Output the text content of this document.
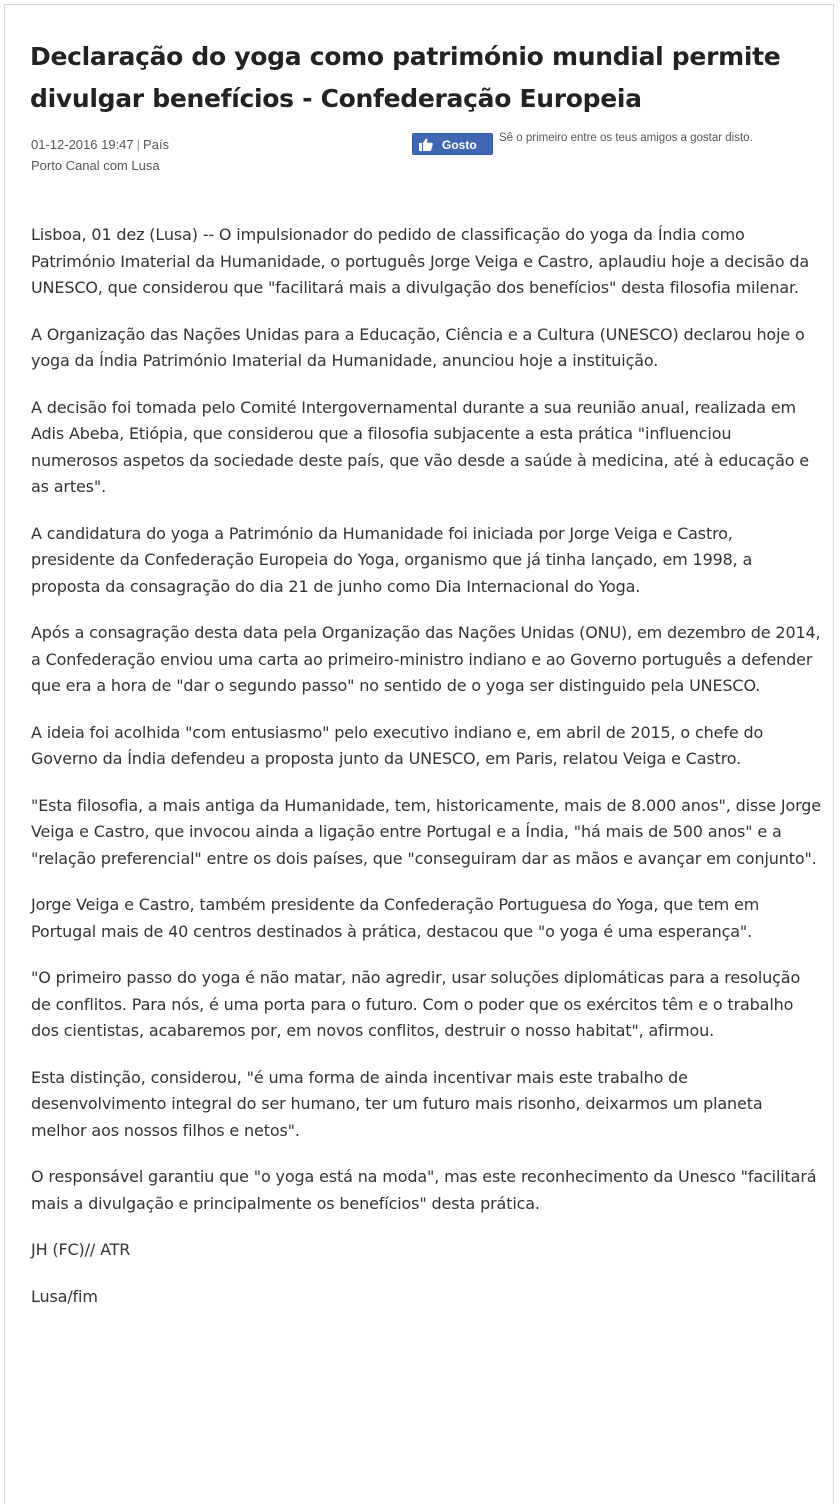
Declaração do yoga como património mundial permite divulgar benefícios - Confederação Europeia
01-12-2016 19:47 | País
Porto Canal com Lusa
Gosto Sê o primeiro entre os teus amigos a gostar disto.

Lisboa, 01 dez (Lusa) -- O impulsionador do pedido de classificação do yoga da Índia como Património Imaterial da Humanidade, o português Jorge Veiga e Castro, aplaudiu hoje a decisão da UNESCO, que considerou que "facilitará mais a divulgação dos benefícios" desta filosofia milenar.

A Organização das Nações Unidas para a Educação, Ciência e a Cultura (UNESCO) declarou hoje o yoga da Índia Património Imaterial da Humanidade, anunciou hoje a instituição.

A decisão foi tomada pelo Comité Intergovernamental durante a sua reunião anual, realizada em Adis Abeba, Etiópia, que considerou que a filosofia subjacente a esta prática "influenciou numerosos aspetos da sociedade deste país, que vão desde a saúde à medicina, até à educação e as artes".

A candidatura do yoga a Património da Humanidade foi iniciada por Jorge Veiga e Castro, presidente da Confederação Europeia do Yoga, organismo que já tinha lançado, em 1998, a proposta da consagração do dia 21 de junho como Dia Internacional do Yoga.

Após a consagração desta data pela Organização das Nações Unidas (ONU), em dezembro de 2014, a Confederação enviou uma carta ao primeiro-ministro indiano e ao Governo português a defender que era a hora de "dar o segundo passo" no sentido de o yoga ser distinguido pela UNESCO.

A ideia foi acolhida "com entusiasmo" pelo executivo indiano e, em abril de 2015, o chefe do Governo da Índia defendeu a proposta junto da UNESCO, em Paris, relatou Veiga e Castro.

"Esta filosofia, a mais antiga da Humanidade, tem, historicamente, mais de 8.000 anos", disse Jorge Veiga e Castro, que invocou ainda a ligação entre Portugal e a Índia, "há mais de 500 anos" e a "relação preferencial" entre os dois países, que "conseguiram dar as mãos e avançar em conjunto".

Jorge Veiga e Castro, também presidente da Confederação Portuguesa do Yoga, que tem em Portugal mais de 40 centros destinados à prática, destacou que "o yoga é uma esperança".

"O primeiro passo do yoga é não matar, não agredir, usar soluções diplomáticas para a resolução de conflitos. Para nós, é uma porta para o futuro. Com o poder que os exércitos têm e o trabalho dos cientistas, acabaremos por, em novos conflitos, destruir o nosso habitat", afirmou.

Esta distinção, considerou, "é uma forma de ainda incentivar mais este trabalho de desenvolvimento integral do ser humano, ter um futuro mais risonho, deixarmos um planeta melhor aos nossos filhos e netos".

O responsável garantiu que "o yoga está na moda", mas este reconhecimento da Unesco "facilitará mais a divulgação e principalmente os benefícios" desta prática.

JH (FC)// ATR

Lusa/fim
